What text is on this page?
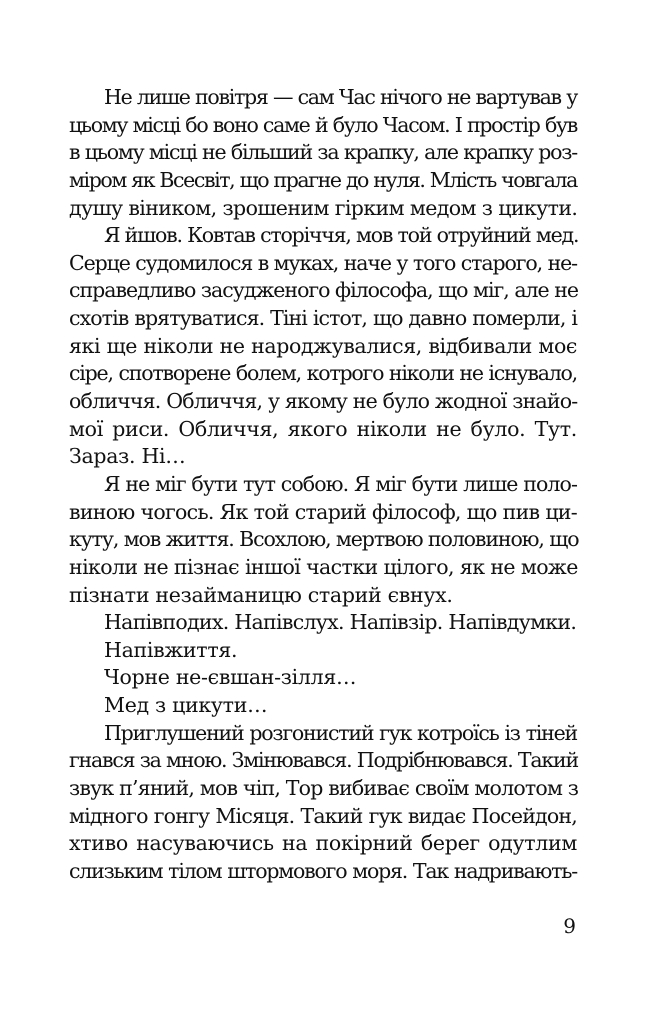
Не лише повітря — сам Час нічого не вартував у
цьому місці бо воно саме й було Часом. І простір був
в цьому місці не більший за крапку, але крапку роз-
міром як Всесвіт, що прагне до нуля. Млість човгала
душу віником, зрошеним гірким медом з цикути.
Я йшов. Ковтав сторіччя, мов той отруйний мед.
Серце судомилося в муках, наче у того старого, не-
справедливо засудженого філософа, що міг, але не
схотів врятуватися. Тіні істот, що давно померли, і
які ще ніколи не народжувалися, відбивали моє
сіре, спотворене болем, котрого ніколи не існувало,
обличчя. Обличчя, у якому не було жодної знайо-
мої риси. Обличчя, якого ніколи не було. Тут.
Зараз. Ні…
Я не міг бути тут собою. Я міг бути лише поло-
виною чогось. Як той старий філософ, що пив ци-
куту, мов життя. Всохлою, мертвою половиною, що
ніколи не пізнає іншої частки цілого, як не може
пізнати незайманицю старий євнух.
Напівподих. Напівслух. Напівзір. Напівдумки.
Напівжиття.
Чорне не-євшан-зілля…
Мед з цикути…
Приглушений розгонистий гук котроїсь із тіней
гнався за мною. Змінювався. Подрібнювався. Такий
звук п’яний, мов чіп, Тор вибиває своїм молотом з
мідного гонгу Місяця. Такий гук видає Посейдон,
хтиво насуваючись на покірний берег одутлим
слизьким тілом штормового моря. Так надривають-
9
